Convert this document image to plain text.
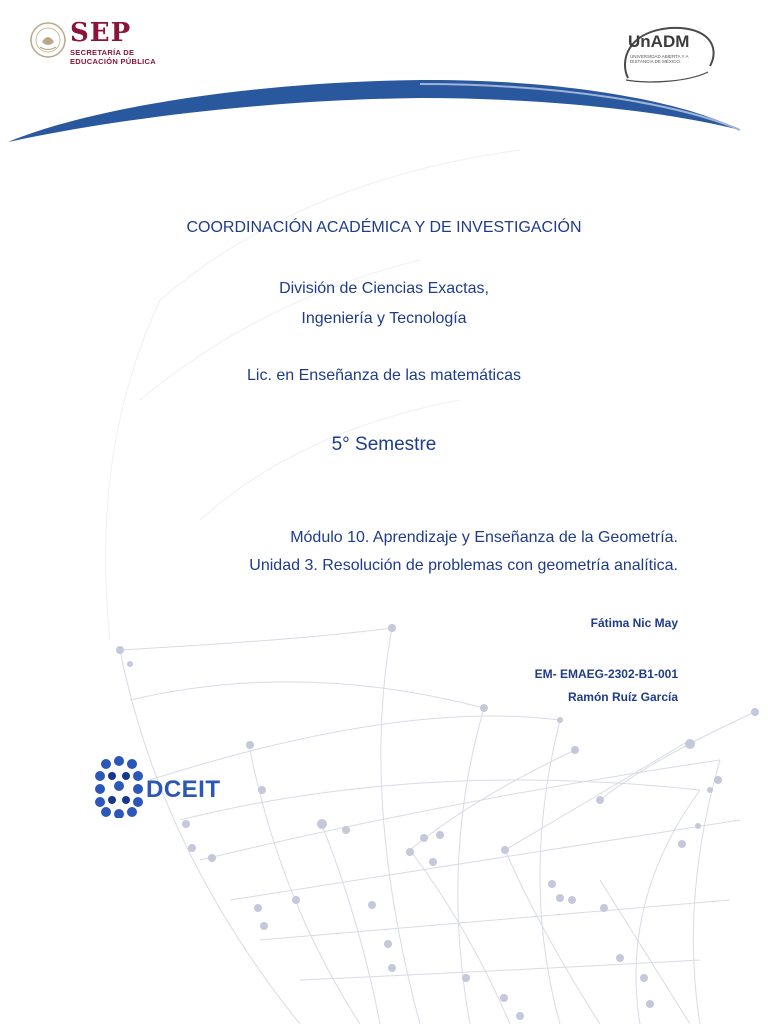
SEP
SECRETARÍA DE
EDUCACIÓN PÚBLICA
UnADM
UNIVERSIDAD ABIERTA Y A DISTANCIA DE MÉXICO
COORDINACIÓN ACADÉMICA Y DE INVESTIGACIÓN
División de Ciencias Exactas,
Ingeniería y Tecnología
Lic. en Enseñanza de las matemáticas
5° Semestre
Módulo 10. Aprendizaje y Enseñanza de la Geometría.
Unidad 3. Resolución de problemas con geometría analítica.
Fátima Nic May
EM- EMAEG-2302-B1-001
Ramón Ruíz García
DCEIT
